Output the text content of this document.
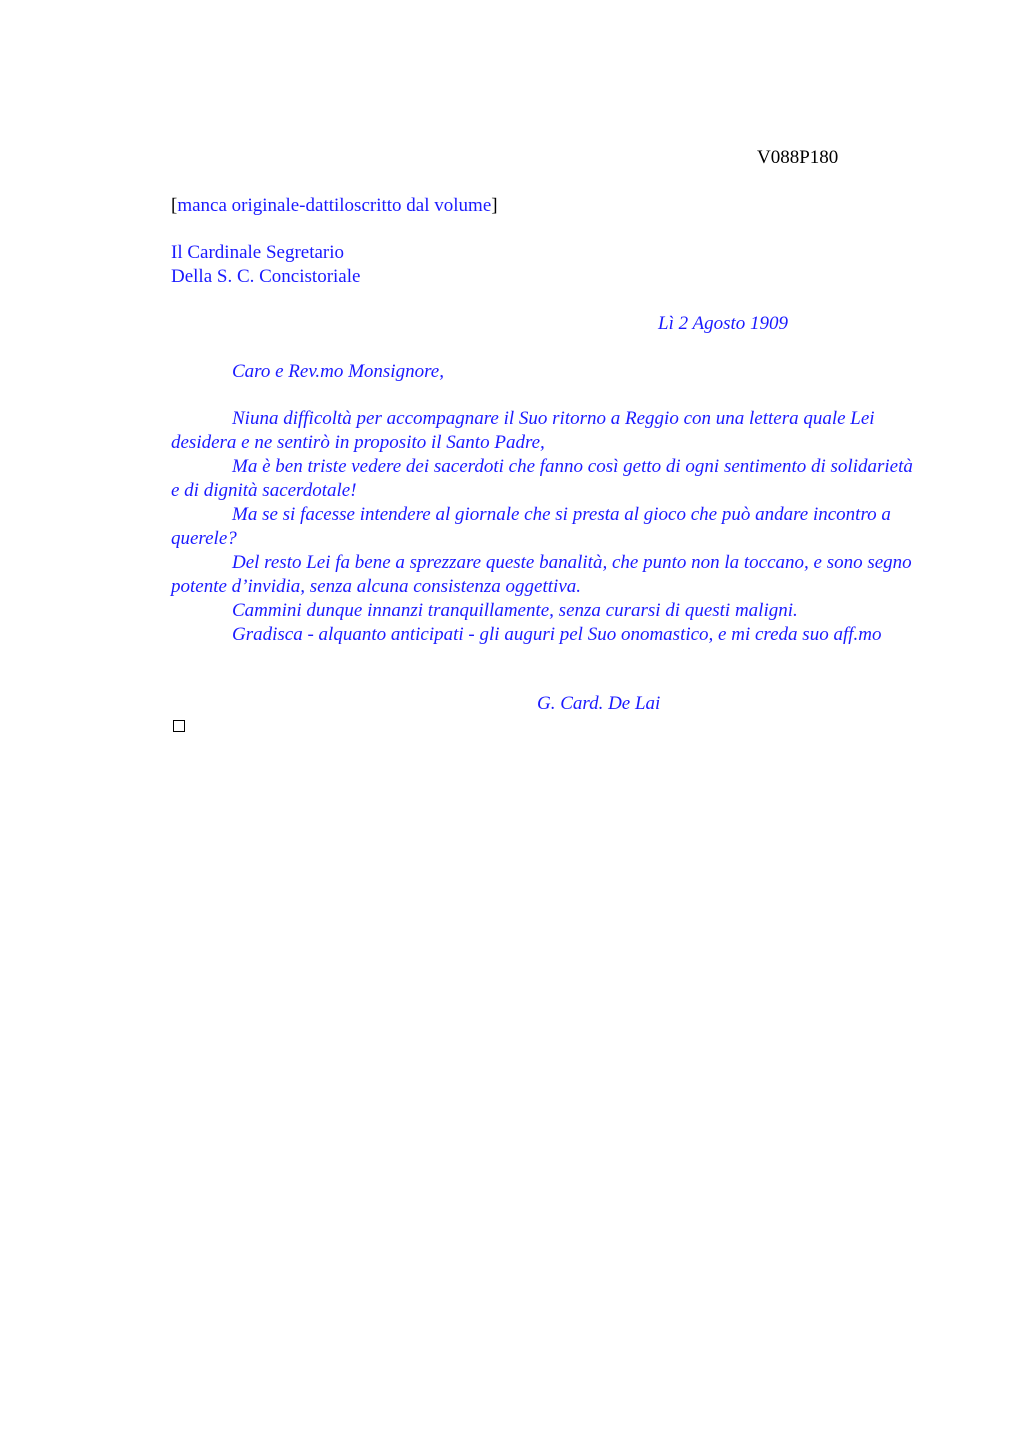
V088P180
[manca originale-dattiloscritto dal volume]
Il Cardinale Segretario
Della S. C. Concistoriale
Lì 2 Agosto 1909
Caro e Rev.mo Monsignore,

Niuna difficoltà per accompagnare il Suo ritorno a Reggio con una lettera quale Lei desidera e ne sentirò in proposito il Santo Padre,

Ma è ben triste vedere dei sacerdoti che fanno così getto di ogni sentimento di solidarietà e di dignità sacerdotale!

Ma se si facesse intendere al giornale che si presta al gioco che può andare incontro a querele?

Del resto Lei fa bene a sprezzare queste banalità, che punto non la toccano, e sono segno potente d’invidia, senza alcuna consistenza oggettiva.

Cammini dunque innanzi tranquillamente, senza curarsi di questi maligni.

Gradisca - alquanto anticipati - gli auguri pel Suo onomastico, e mi creda suo aff.mo

G. Card. De Lai
